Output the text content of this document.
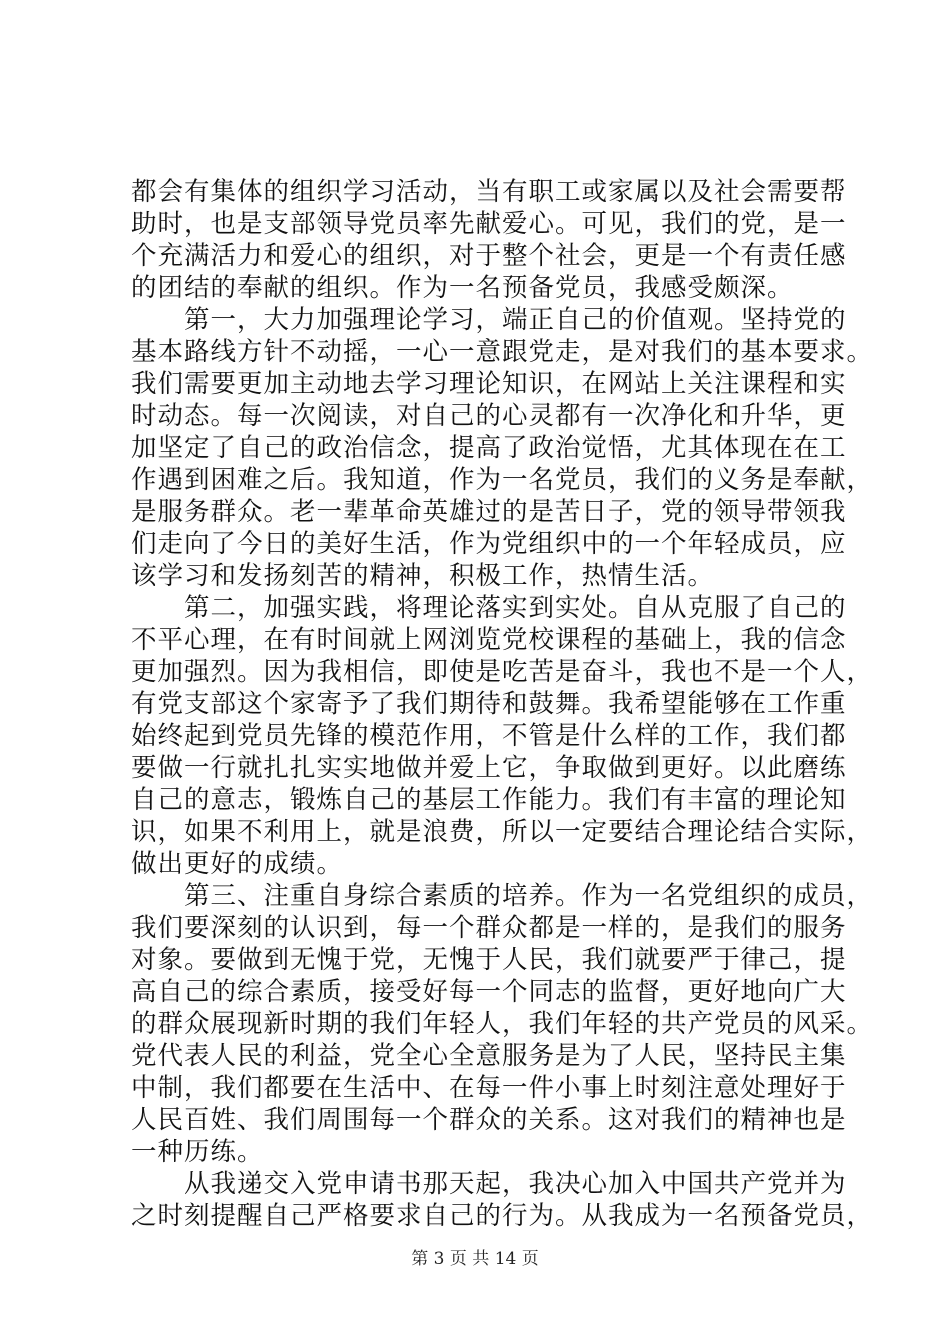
都会有集体的组织学习活动，当有职工或家属以及社会需要帮
助时，也是支部领导党员率先献爱心。可见，我们的党，是一
个充满活力和爱心的组织，对于整个社会，更是一个有责任感
的团结的奉献的组织。作为一名预备党员，我感受颇深。
　　第一，大力加强理论学习，端正自己的价值观。坚持党的
基本路线方针不动摇，一心一意跟党走，是对我们的基本要求。
我们需要更加主动地去学习理论知识，在网站上关注课程和实
时动态。每一次阅读，对自己的心灵都有一次净化和升华，更
加坚定了自己的政治信念，提高了政治觉悟，尤其体现在在工
作遇到困难之后。我知道，作为一名党员，我们的义务是奉献，
是服务群众。老一辈革命英雄过的是苦日子，党的领导带领我
们走向了今日的美好生活，作为党组织中的一个年轻成员，应
该学习和发扬刻苦的精神，积极工作，热情生活。
　　第二，加强实践，将理论落实到实处。自从克服了自己的
不平心理，在有时间就上网浏览党校课程的基础上，我的信念
更加强烈。因为我相信，即使是吃苦是奋斗，我也不是一个人，
有党支部这个家寄予了我们期待和鼓舞。我希望能够在工作重
始终起到党员先锋的模范作用，不管是什么样的工作，我们都
要做一行就扎扎实实地做并爱上它，争取做到更好。以此磨练
自己的意志，锻炼自己的基层工作能力。我们有丰富的理论知
识，如果不利用上，就是浪费，所以一定要结合理论结合实际，
做出更好的成绩。
　　第三、注重自身综合素质的培养。作为一名党组织的成员，
我们要深刻的认识到，每一个群众都是一样的，是我们的服务
对象。要做到无愧于党，无愧于人民，我们就要严于律己，提
高自己的综合素质，接受好每一个同志的监督，更好地向广大
的群众展现新时期的我们年轻人，我们年轻的共产党员的风采。
党代表人民的利益，党全心全意服务是为了人民，坚持民主集
中制，我们都要在生活中、在每一件小事上时刻注意处理好于
人民百姓、我们周围每一个群众的关系。这对我们的精神也是
一种历练。
　　从我递交入党申请书那天起，我决心加入中国共产党并为
之时刻提醒自己严格要求自己的行为。从我成为一名预备党员，
第 3 页 共 14 页
